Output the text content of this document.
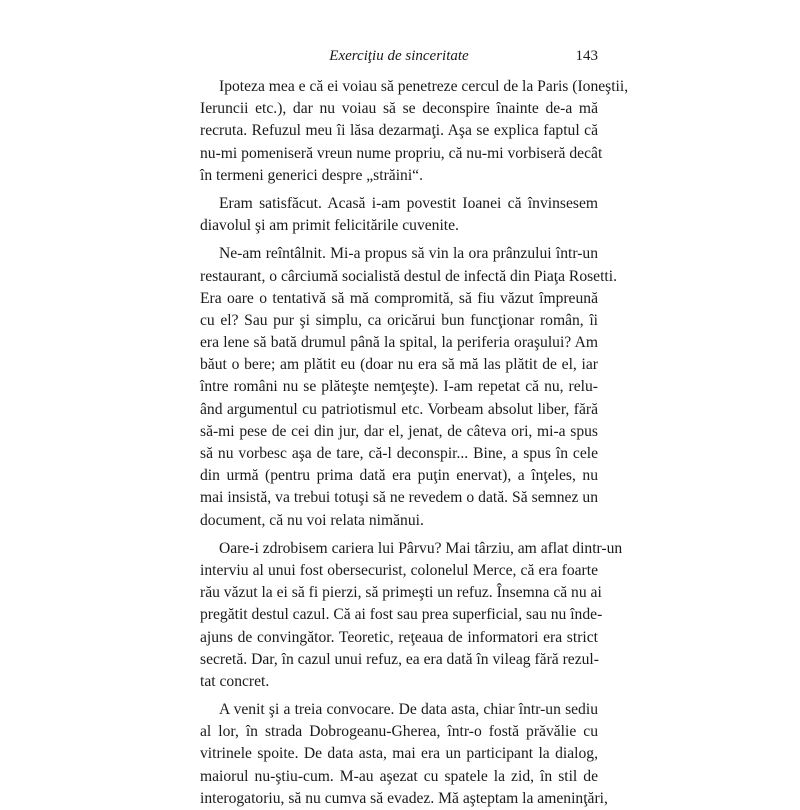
Exerciţiu de sinceritate	143

Ipoteza mea e că ei voiau să penetreze cercul de la Paris (Ioneştii,
Ieruncii etc.), dar nu voiau să se deconspire înainte de-a mă
recruta. Refuzul meu îi lăsa dezarmaţi. Aşa se explica faptul că
nu-mi pomeniseră vreun nume propriu, că nu-mi vorbiseră decât
în termeni generici despre „străini“.

Eram satisfăcut. Acasă i-am povestit Ioanei că învinsesem
diavolul şi am primit felicitările cuvenite.

Ne-am reîntâlnit. Mi-a propus să vin la ora prânzului într-un
restaurant, o cârciumă socialistă destul de infectă din Piaţa Rosetti.
Era oare o tentativă să mă compromită, să fiu văzut împreună
cu el? Sau pur şi simplu, ca oricărui bun funcţionar român, îi
era lene să bată drumul până la spital, la periferia oraşului? Am
băut o bere; am plătit eu (doar nu era să mă las plătit de el, iar
între români nu se plăteşte nemţeşte). I-am repetat că nu, relu-
ând argumentul cu patriotismul etc. Vorbeam absolut liber, fără
să-mi pese de cei din jur, dar el, jenat, de câteva ori, mi-a spus
să nu vorbesc aşa de tare, că-l deconspir... Bine, a spus în cele
din urmă (pentru prima dată era puţin enervat), a înţeles, nu
mai insistă, va trebui totuşi să ne revedem o dată. Să semnez un
document, că nu voi relata nimănui.

Oare-i zdrobisem cariera lui Pârvu? Mai târziu, am aflat dintr-un
interviu al unui fost obersecurist, colonelul Merce, că era foarte
rău văzut la ei să fi pierzi, să primeşti un refuz. Însemna că nu ai
pregătit destul cazul. Că ai fost sau prea superficial, sau nu înde-
ajuns de convingător. Teoretic, reţeaua de informatori era strict
secretă. Dar, în cazul unui refuz, ea era dată în vileag fără rezul-
tat concret.

A venit şi a treia convocare. De data asta, chiar într-un sediu
al lor, în strada Dobrogeanu-Gherea, într-o fostă prăvălie cu
vitrinele spoite. De data asta, mai era un participant la dialog,
maiorul nu-ştiu-cum. M-au aşezat cu spatele la zid, în stil de
interogatoriu, să nu cumva să evadez. Mă aşteptam la ameninţări,
